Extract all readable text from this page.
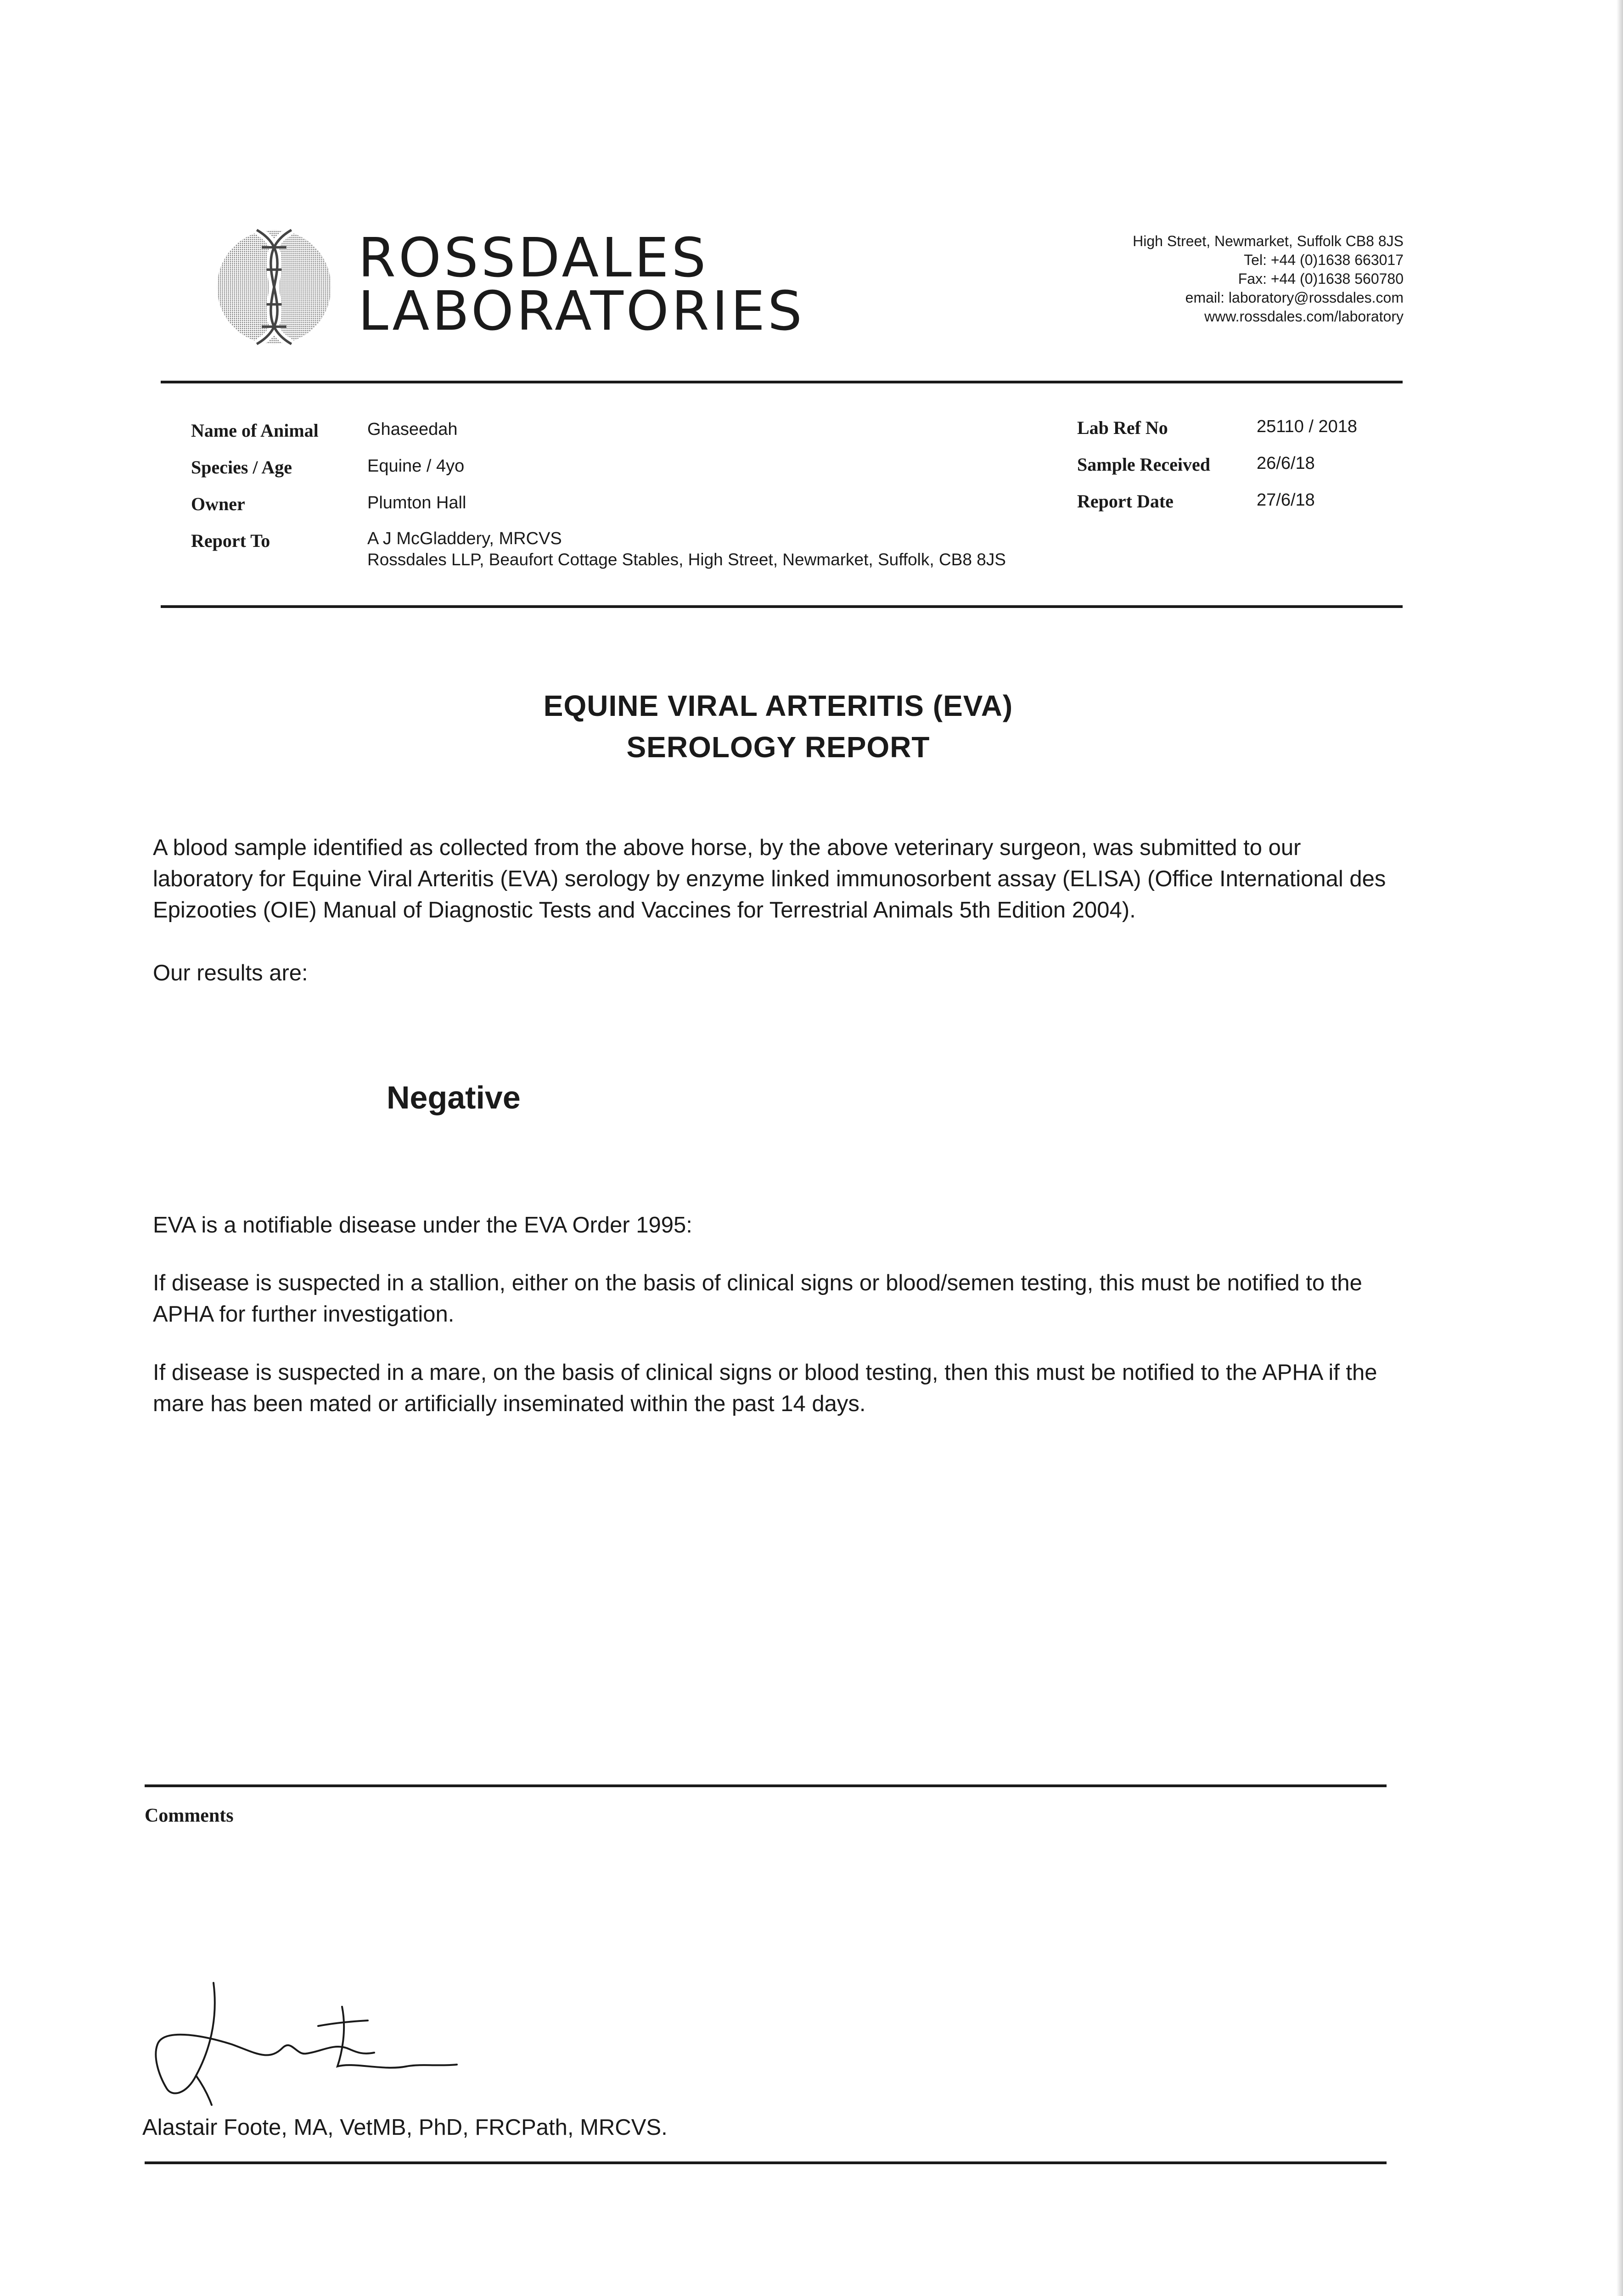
ROSSDALES
LABORATORIES
High Street, Newmarket, Suffolk CB8 8JS
Tel: +44 (0)1638 663017
Fax: +44 (0)1638 560780
email: laboratory@rossdales.com
www.rossdales.com/laboratory
Name of Animal	Ghaseedah
Species / Age	Equine / 4yo
Owner	Plumton Hall
Report To	A J McGladdery, MRCVS
Rossdales LLP, Beaufort Cottage Stables, High Street, Newmarket, Suffolk, CB8 8JS
Lab Ref No	25110 / 2018
Sample Received	26/6/18
Report Date	27/6/18
EQUINE VIRAL ARTERITIS (EVA)
SEROLOGY REPORT
A blood sample identified as collected from the above horse, by the above veterinary surgeon, was submitted to our laboratory for Equine Viral Arteritis (EVA) serology by enzyme linked immunosorbent assay (ELISA) (Office International des Epizooties (OIE) Manual of Diagnostic Tests and Vaccines for Terrestrial Animals 5th Edition 2004).
Our results are:
Negative
EVA is a notifiable disease under the EVA Order 1995:
If disease is suspected in a stallion, either on the basis of clinical signs or blood/semen testing, this must be notified to the APHA for further investigation.
If disease is suspected in a mare, on the basis of clinical signs or blood testing, then this must be notified to the APHA if the mare has been mated or artificially inseminated within the past 14 days.
Comments
Alastair Foote, MA, VetMB, PhD, FRCPath, MRCVS.
